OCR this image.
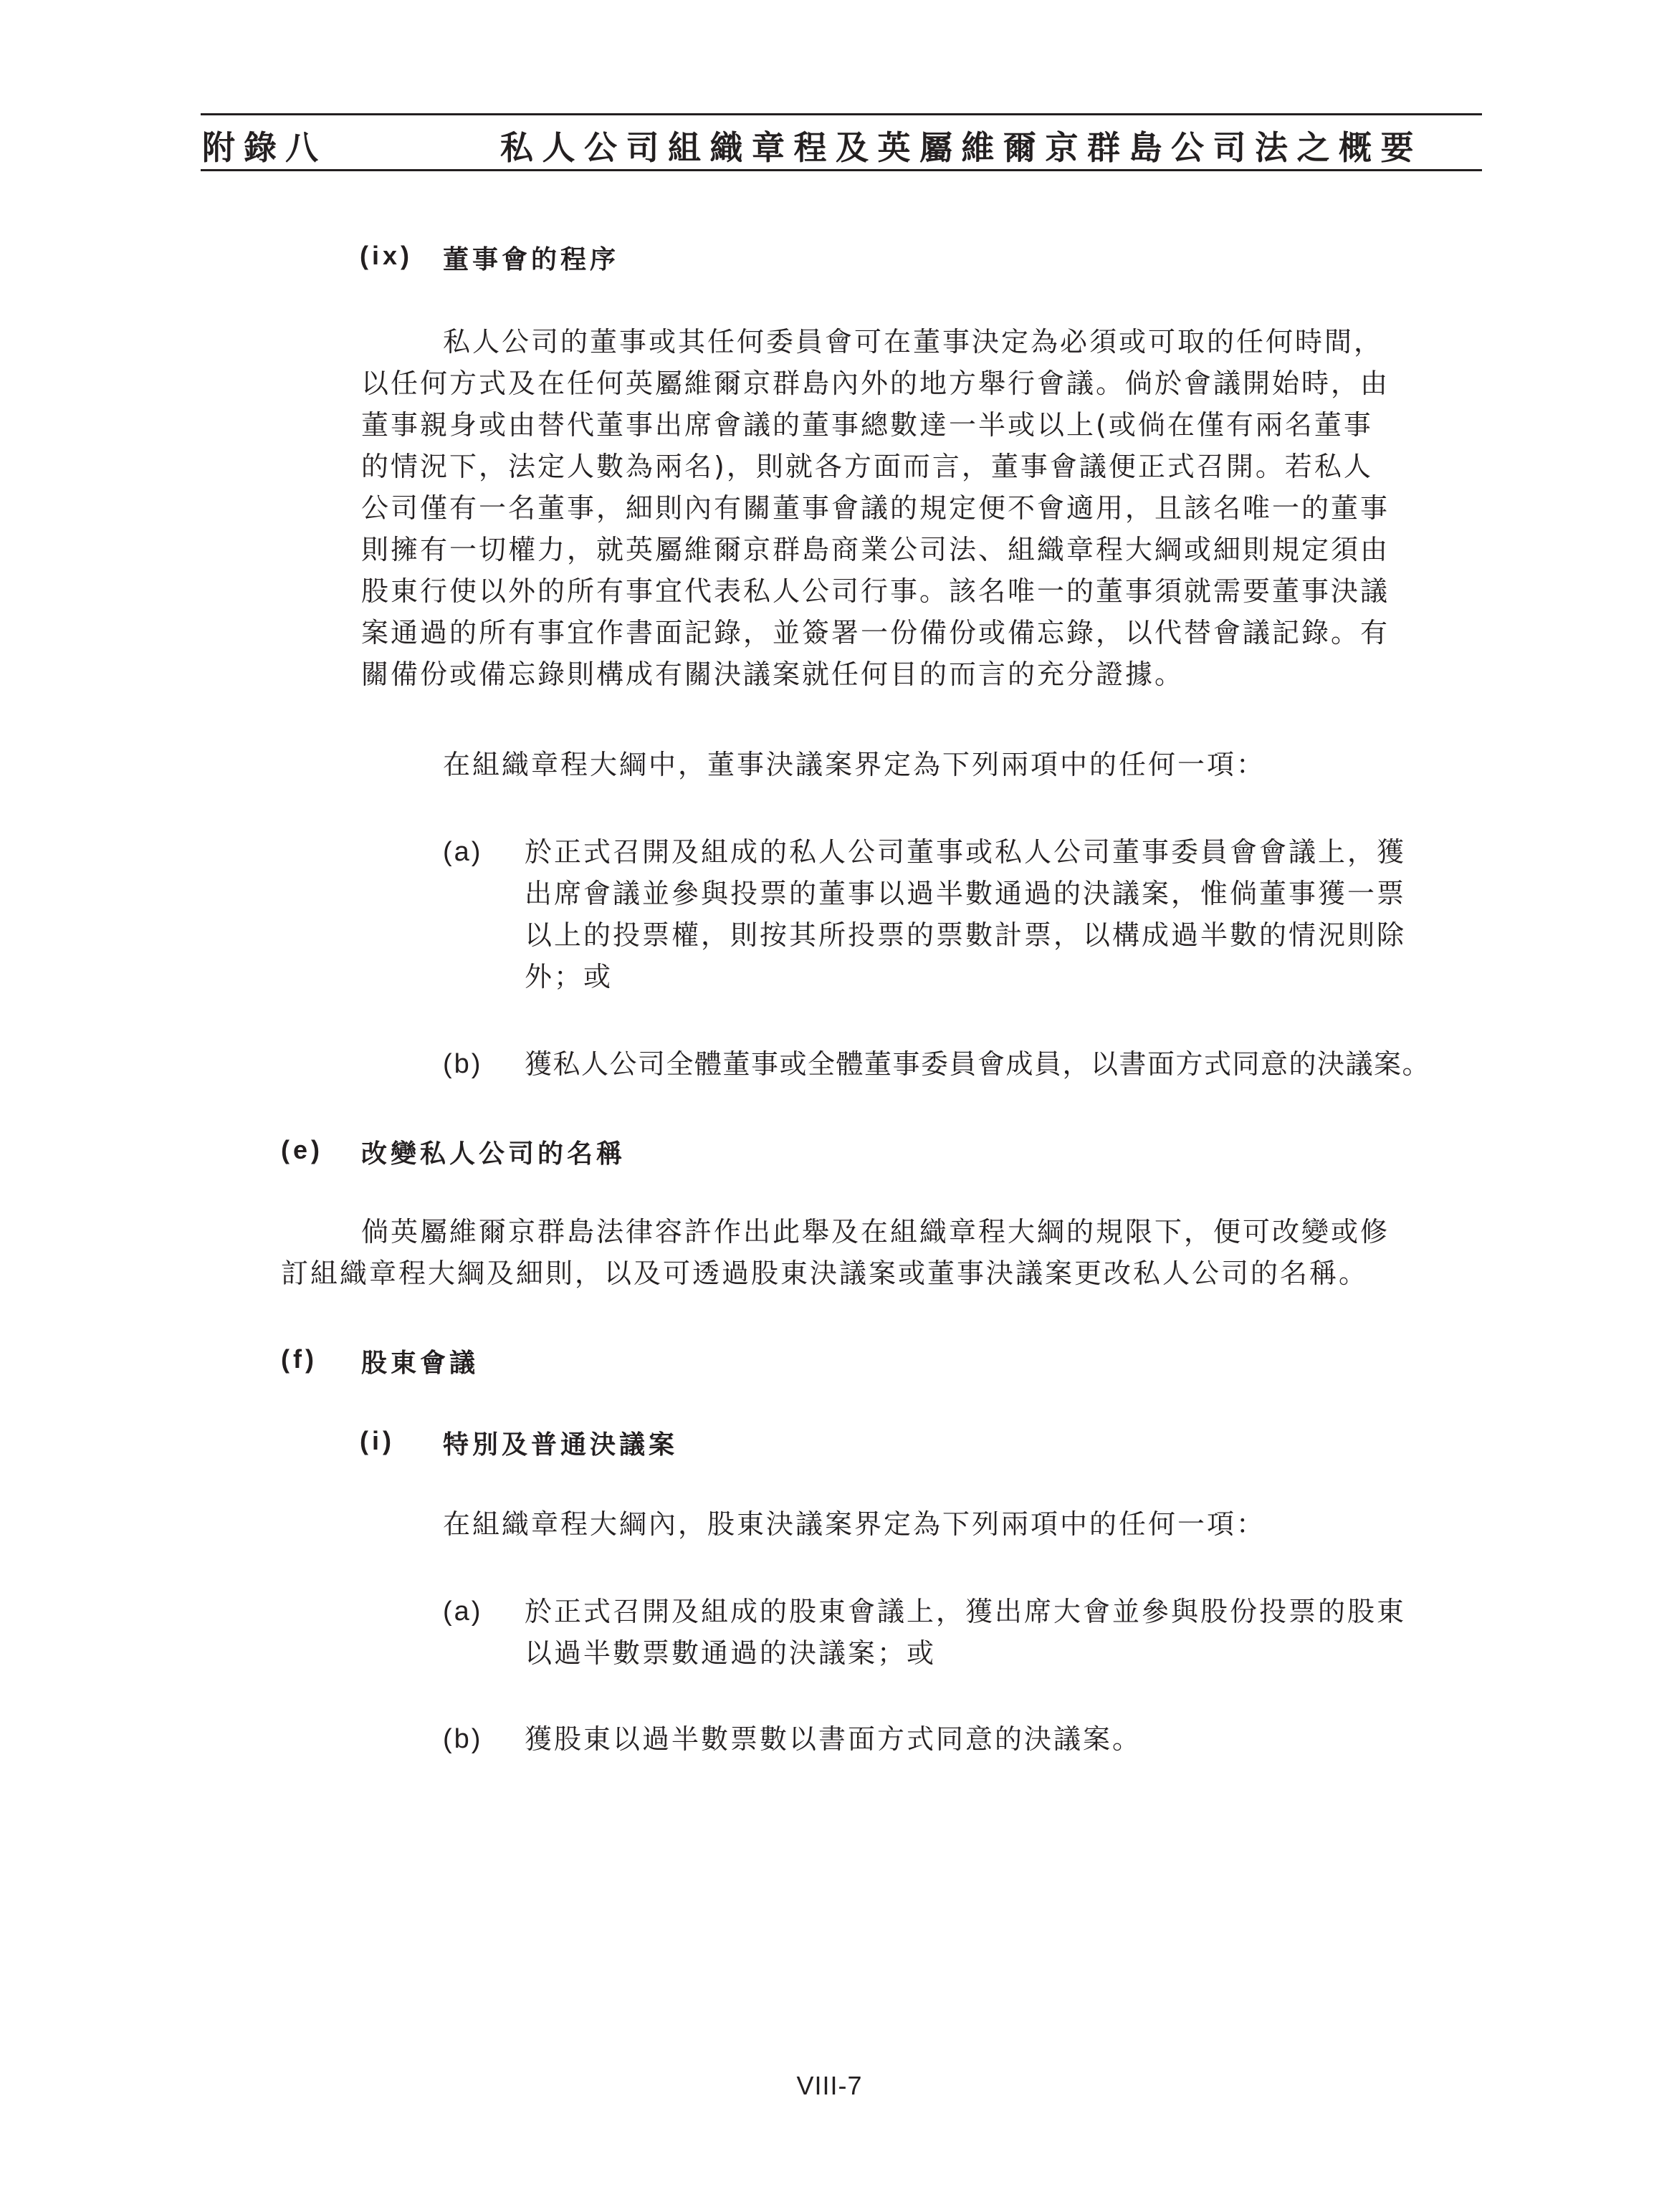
附錄八	私人公司組織章程及英屬維爾京群島公司法之概要
(ix) 董事會的程序
私人公司的董事或其任何委員會可在董事決定為必須或可取的任何時間，
以任何方式及在任何英屬維爾京群島內外的地方舉行會議。倘於會議開始時，由
董事親身或由替代董事出席會議的董事總數達一半或以上(或倘在僅有兩名董事
的情況下，法定人數為兩名)，則就各方面而言，董事會議便正式召開。若私人
公司僅有一名董事，細則內有關董事會議的規定便不會適用，且該名唯一的董事
則擁有一切權力，就英屬維爾京群島商業公司法、組織章程大綱或細則規定須由
股東行使以外的所有事宜代表私人公司行事。該名唯一的董事須就需要董事決議
案通過的所有事宜作書面記錄，並簽署一份備份或備忘錄，以代替會議記錄。有
關備份或備忘錄則構成有關決議案就任何目的而言的充分證據。
在組織章程大綱中，董事決議案界定為下列兩項中的任何一項：
(a) 於正式召開及組成的私人公司董事或私人公司董事委員會會議上，獲
出席會議並參與投票的董事以過半數通過的決議案，惟倘董事獲一票
以上的投票權，則按其所投票的票數計票，以構成過半數的情況則除
外；或
(b) 獲私人公司全體董事或全體董事委員會成員，以書面方式同意的決議案。
(e) 改變私人公司的名稱
倘英屬維爾京群島法律容許作出此舉及在組織章程大綱的規限下，便可改變或修
訂組織章程大綱及細則，以及可透過股東決議案或董事決議案更改私人公司的名稱。
(f) 股東會議
(i) 特別及普通決議案
在組織章程大綱內，股東決議案界定為下列兩項中的任何一項：
(a) 於正式召開及組成的股東會議上，獲出席大會並參與股份投票的股東
以過半數票數通過的決議案；或
(b) 獲股東以過半數票數以書面方式同意的決議案。
VIII-7
